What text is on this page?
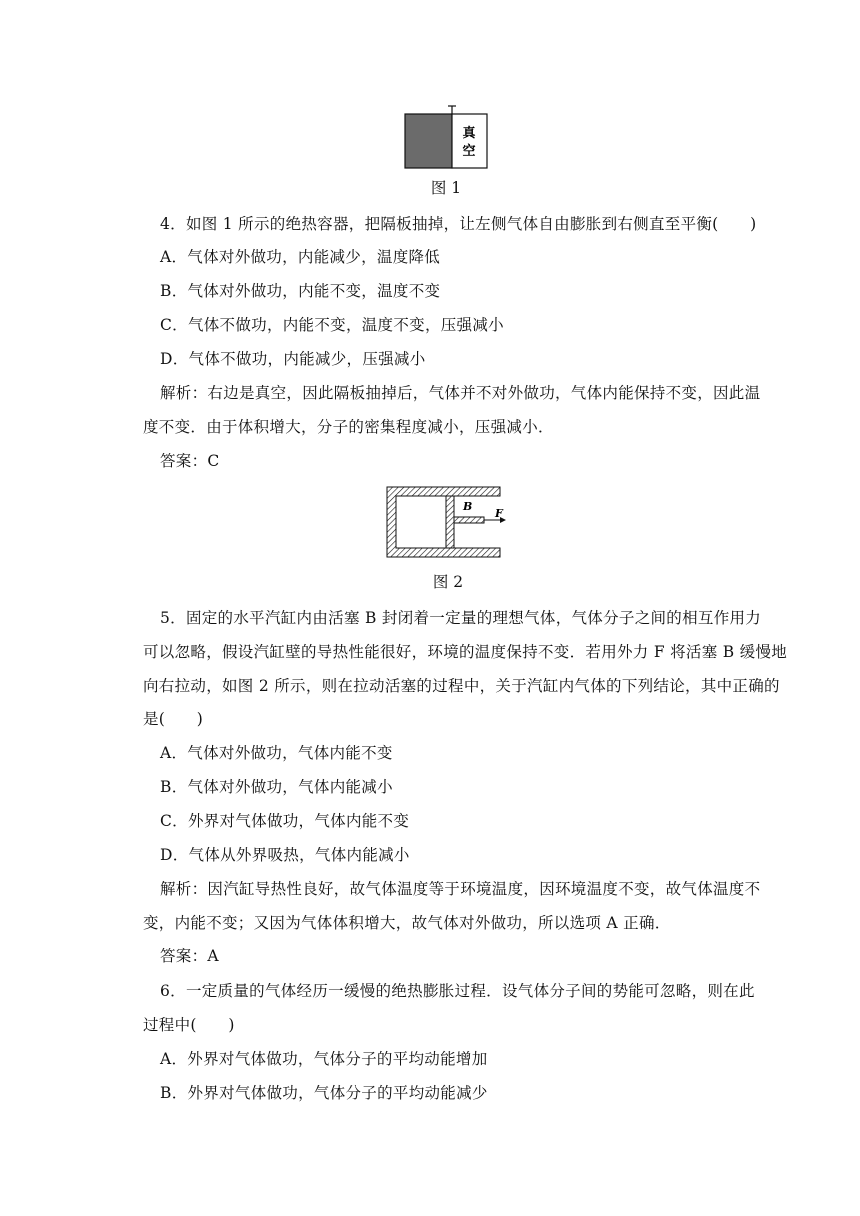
真
空
图 1
4．如图 1 所示的绝热容器，把隔板抽掉，让左侧气体自由膨胀到右侧直至平衡(　　)
A．气体对外做功，内能减少，温度降低
B．气体对外做功，内能不变，温度不变
C．气体不做功，内能不变，温度不变，压强减小
D．气体不做功，内能减少，压强减小
解析：右边是真空，因此隔板抽掉后，气体并不对外做功，气体内能保持不变，因此温
度不变．由于体积增大，分子的密集程度减小，压强减小．
答案：C
B
F
图 2
5．固定的水平汽缸内由活塞 B 封闭着一定量的理想气体，气体分子之间的相互作用力
可以忽略，假设汽缸壁的导热性能很好，环境的温度保持不变．若用外力 F 将活塞 B 缓慢地
向右拉动，如图 2 所示，则在拉动活塞的过程中，关于汽缸内气体的下列结论，其中正确的
是(　　)
A．气体对外做功，气体内能不变
B．气体对外做功，气体内能减小
C．外界对气体做功，气体内能不变
D．气体从外界吸热，气体内能减小
解析：因汽缸导热性良好，故气体温度等于环境温度，因环境温度不变，故气体温度不
变，内能不变；又因为气体体积增大，故气体对外做功，所以选项 A 正确．
答案：A
6．一定质量的气体经历一缓慢的绝热膨胀过程．设气体分子间的势能可忽略，则在此
过程中(　　)
A．外界对气体做功，气体分子的平均动能增加
B．外界对气体做功，气体分子的平均动能减少
